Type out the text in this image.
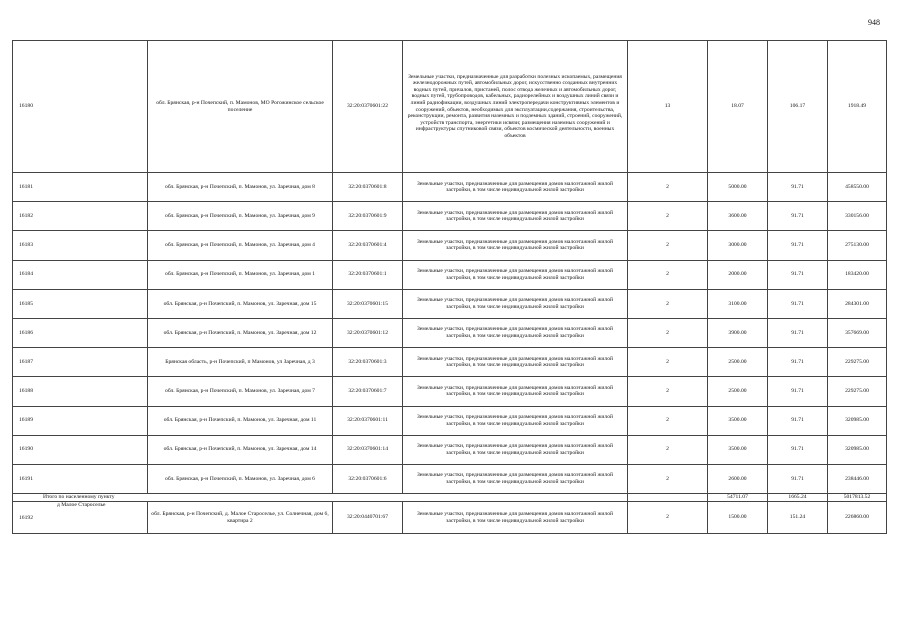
948
16180	обл. Брянская, р-н Почепский, п. Мамонов, МО Рогожинское сельское поселение	32:20:0370601:22	Земельные участки, предназначенные для разработки полезных ископаемых, размещения железнодорожных путей, автомобильных дорог, искусственно созданных внутренних водных путей, причалов, пристаней, полос отвода железных и автомобильных дорог, водных путей, трубопроводов, кабельных, радиорелейных и воздушных линий связи и линий радиофикации, воздушных линий электропередачи конструктивных элементов и сооружений, объектов, необходимых для эксплуатации,содержания, строительства, реконструкции, ремонта, развития наземных и подземных зданий, строений, сооружений, устройств транспорта, энергетики исвязи; размещения наземных сооружений и инфраструктуры спутниковой связи, объектов космической деятельности, военных объектов	13	18.07	106.17	1918.49
16181	обл. Брянская, р-н Почепский, п. Мамонов, ул. Заречная, дом 8	32:20:0370601:8	Земельные участки, предназначенные для размещения домов малоэтажной жилой застройки, в том числе индивидуальной жилой застройки	2	5000.00	91.71	458550.00
16182	обл. Брянская, р-н Почепский, п. Мамонов, ул. Заречная, дом 9	32:20:0370601:9	Земельные участки, предназначенные для размещения домов малоэтажной жилой застройки, в том числе индивидуальной жилой застройки	2	3600.00	91.71	330156.00
16183	обл. Брянская, р-н Почепский, п. Мамонов, ул. Заречная, дом 4	32:20:0370601:4	Земельные участки, предназначенные для размещения домов малоэтажной жилой застройки, в том числе индивидуальной жилой застройки	2	3000.00	91.71	275130.00
16184	обл. Брянская, р-н Почепский, п. Мамонов, ул. Заречная, дом 1	32:20:0370601:1	Земельные участки, предназначенные для размещения домов малоэтажной жилой застройки, в том числе индивидуальной жилой застройки	2	2000.00	91.71	183420.00
16185	обл. Брянская, р-н Почепский, п. Мамонов, ул. Заречная, дом 15	32:20:0370601:15	Земельные участки, предназначенные для размещения домов малоэтажной жилой застройки, в том числе индивидуальной жилой застройки	2	3100.00	91.71	284301.00
16186	обл. Брянская, р-н Почепский, п. Мамонов, ул. Заречная, дом 12	32:20:0370601:12	Земельные участки, предназначенные для размещения домов малоэтажной жилой застройки, в том числе индивидуальной жилой застройки	2	3900.00	91.71	357669.00
16187	Брянская область, р-н Почепский, п Мамонов, ул Заречная, д 3	32:20:0370601:3	Земельные участки, предназначенные для размещения домов малоэтажной жилой застройки, в том числе индивидуальной жилой застройки	2	2500.00	91.71	229275.00
16188	обл. Брянская, р-н Почепский, п. Мамонов, ул. Заречная, дом 7	32:20:0370601:7	Земельные участки, предназначенные для размещения домов малоэтажной жилой застройки, в том числе индивидуальной жилой застройки	2	2500.00	91.71	229275.00
16189	обл. Брянская, р-н Почепский, п. Мамонов, ул. Заречная, дом 11	32:20:0370601:11	Земельные участки, предназначенные для размещения домов малоэтажной жилой застройки, в том числе индивидуальной жилой застройки	2	3500.00	91.71	320985.00
16190	обл. Брянская, р-н Почепский, п. Мамонов, ул. Заречная, дом 14	32:20:0370601:14	Земельные участки, предназначенные для размещения домов малоэтажной жилой застройки, в том числе индивидуальной жилой застройки	2	3500.00	91.71	320985.00
16191	обл. Брянская, р-н Почепский, п. Мамонов, ул. Заречная, дом 6	32:20:0370601:6	Земельные участки, предназначенные для размещения домов малоэтажной жилой застройки, в том числе индивидуальной жилой застройки	2	2600.00	91.71	238446.00
Итого по населенному пункту					54711.07	1665.24	5017813.52

д Малое Староселье
16192	обл. Брянская, р-н Почепский, д. Малое Староселье, ул. Солнечная, дом 6, квартира 2	32:20:0440701:67	Земельные участки, предназначенные для размещения домов малоэтажной жилой застройки, в том числе индивидуальной жилой застройки	2	1500.00	151.24	226860.00
